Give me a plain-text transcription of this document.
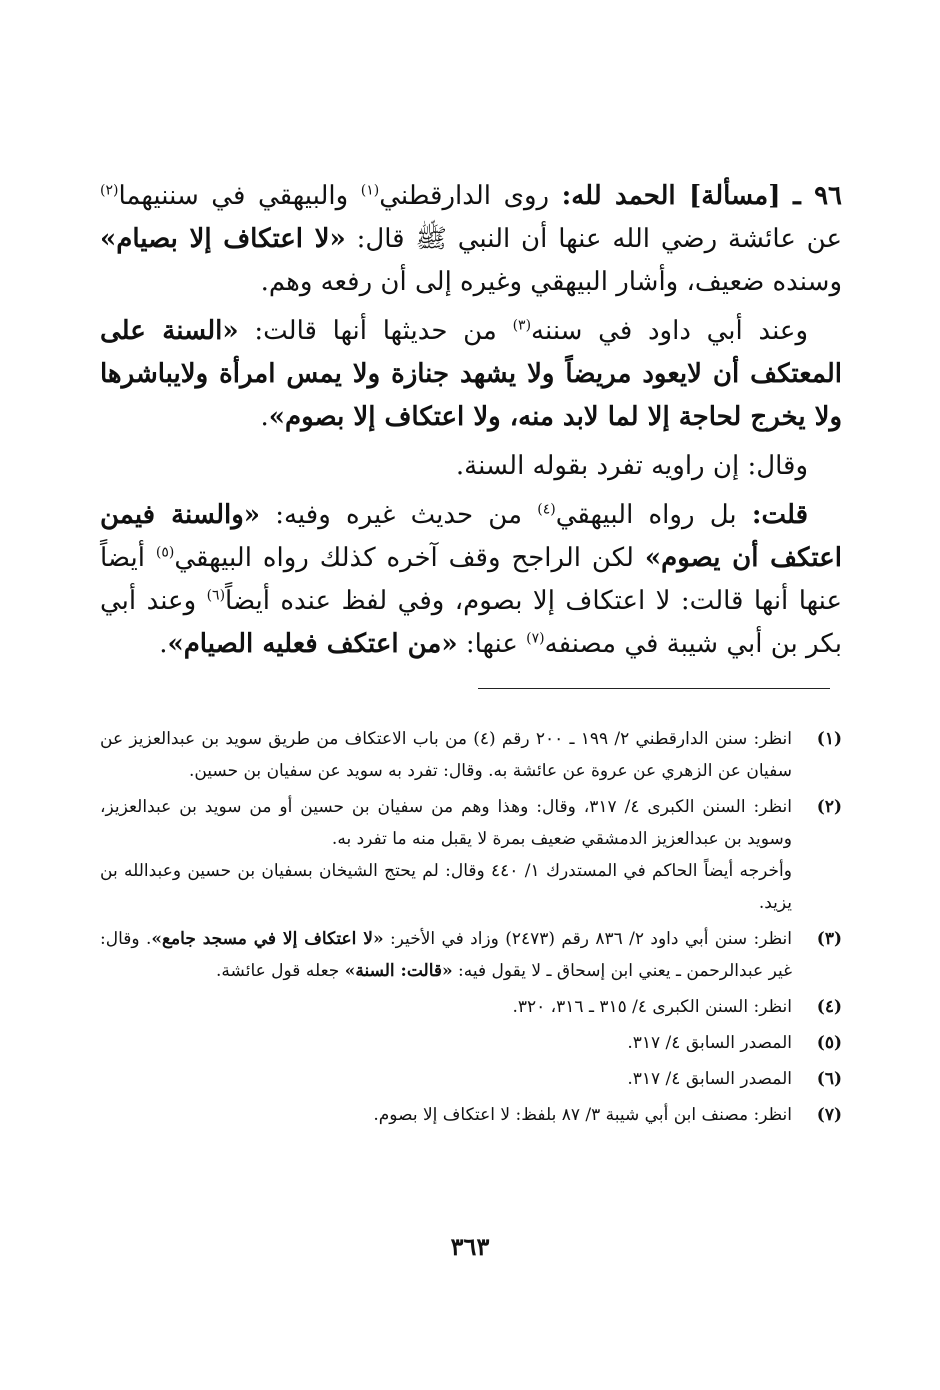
٩٦ ـ [مسألة] الحمد لله: روى الدارقطني$^{(١)}$ والبيهقي في سننيهما$^{(٢)}$ عن عائشة رضي الله عنها أن النبي ﷺ قال: «لا اعتكاف إلا بصيام» وسنده ضعيف، وأشار البيهقي وغيره إلى أن رفعه وهم.

وعند أبي داود في سننه$^{(٣)}$ من حديثها أنها قالت: «السنة على المعتكف أن لايعود مريضاً ولا يشهد جنازة ولا يمس امرأة ولايباشرها ولا يخرج لحاجة إلا لما لابد منه، ولا اعتكاف إلا بصوم».

وقال: إن راويه تفرد بقوله السنة.

قلت: بل رواه البيهقي$^{(٤)}$ من حديث غيره وفيه: «والسنة فيمن اعتكف أن يصوم» لكن الراجح وقف آخره كذلك رواه البيهقي$^{(٥)}$ أيضاً عنها أنها قالت: لا اعتكاف إلا بصوم، وفي لفظ عنده أيضاً$^{(٦)}$ وعند أبي بكر بن أبي شيبة في مصنفه$^{(٧)}$ عنها: «من اعتكف فعليه الصيام».

(١)

انظر: سنن الدارقطني ٢/ ١٩٩ ـ ٢٠٠ رقم (٤) من باب الاعتكاف من طريق سويد بن عبدالعزيز عن سفيان عن الزهري عن عروة عن عائشة به. وقال: تفرد به سويد عن سفيان بن حسين.

(٢)

انظر: السنن الكبرى ٤/ ٣١٧، وقال: وهذا وهم من سفيان بن حسين أو من سويد بن عبدالعزيز، وسويد بن عبدالعزيز الدمشقي ضعيف بمرة لا يقبل منه ما تفرد به.

وأخرجه أيضاً الحاكم في المستدرك ١/ ٤٤٠ وقال: لم يحتج الشيخان بسفيان بن حسين وعبدالله بن يزيد.

(٣)

انظر: سنن أبي داود ٢/ ٨٣٦ رقم (٢٤٧٣) وزاد في الأخير: «لا اعتكاف إلا في مسجد جامع». وقال: غير عبدالرحمن ـ يعني ابن إسحاق ـ لا يقول فيه: «قالت: السنة» جعله قول عائشة.

(٤)

انظر: السنن الكبرى ٤/ ٣١٥ ـ ٣١٦، ٣٢٠.

(٥)

المصدر السابق ٤/ ٣١٧.

(٦)

المصدر السابق ٤/ ٣١٧.

(٧)

انظر: مصنف ابن أبي شيبة ٣/ ٨٧ بلفظ: لا اعتكاف إلا بصوم.

٣٦٣
